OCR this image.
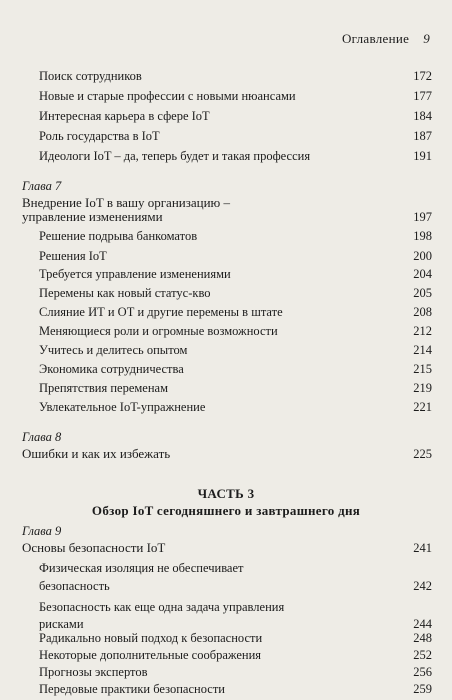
Оглавление 9
Поиск сотрудников	172
Новые и старые профессии с новыми нюансами	177
Интересная карьера в сфере IoT	184
Роль государства в IoT	187
Идеологи IoT – да, теперь будет и такая профессия	191
Глава 7
Внедрение IoT в вашу организацию –
управление изменениями	197
Решение подрыва банкоматов	198
Решения IoT	200
Требуется управление изменениями	204
Перемены как новый статус-кво	205
Слияние ИТ и ОТ и другие перемены в штате	208
Меняющиеся роли и огромные возможности	212
Учитесь и делитесь опытом	214
Экономика сотрудничества	215
Препятствия переменам	219
Увлекательное IoT-упражнение	221
Глава 8
Ошибки и как их избежать	225
ЧАСТЬ 3
Обзор IoT сегодняшнего и завтрашнего дня
Глава 9
Основы безопасности IoT	241
Физическая изоляция не обеспечивает
безопасность	242
Безопасность как еще одна задача управления
рисками	244
Радикально новый подход к безопасности	248
Некоторые дополнительные соображения	252
Прогнозы экспертов	256
Передовые практики безопасности	259
